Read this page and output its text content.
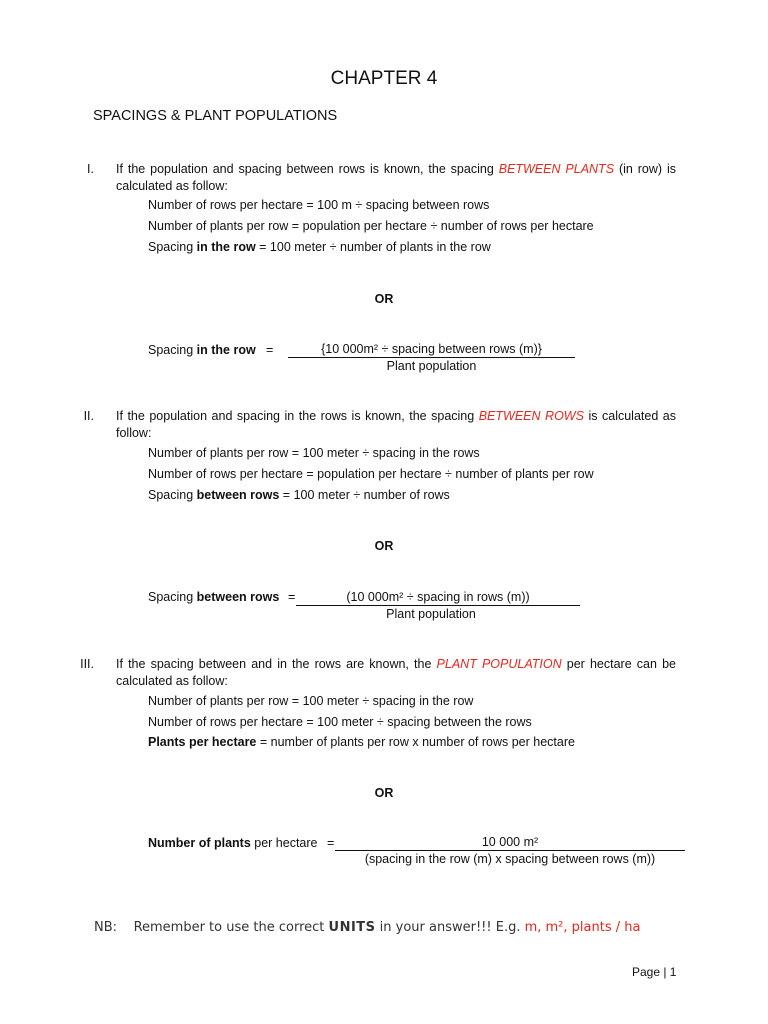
CHAPTER 4
SPACINGS & PLANT POPULATIONS
I. If the population and spacing between rows is known, the spacing BETWEEN PLANTS (in row) is calculated as follow:
Number of rows per hectare = 100 m ÷ spacing between rows
Number of plants per row = population per hectare ÷ number of rows per hectare
Spacing in the row = 100 meter ÷ number of plants in the row
OR
Spacing in the row =	{10 000m² ÷ spacing between rows (m)}
Plant population
II. If the population and spacing in the rows is known, the spacing BETWEEN ROWS is calculated as follow:
Number of plants per row = 100 meter ÷ spacing in the rows
Number of rows per hectare = population per hectare ÷ number of plants per row
Spacing between rows = 100 meter ÷ number of rows
OR
Spacing between rows =	(10 000m² ÷ spacing in rows (m))
Plant population
III. If the spacing between and in the rows are known, the PLANT POPULATION per hectare can be calculated as follow:
Number of plants per row = 100 meter ÷ spacing in the row
Number of rows per hectare = 100 meter ÷ spacing between the rows
Plants per hectare = number of plants per row x number of rows per hectare
OR
Number of plants per hectare =	10 000 m²
(spacing in the row (m) x spacing between rows (m))
NB: Remember to use the correct UNITS in your answer!!! E.g. m, m², plants / ha
Page | 1
